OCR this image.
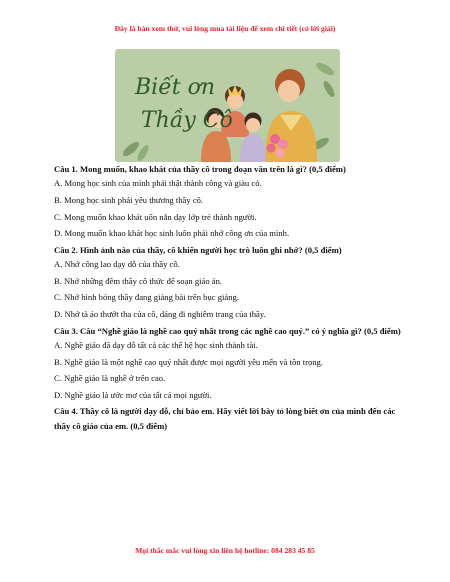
Đây là bản xem thử, vui lòng mua tài liệu để xem chi tiết (có lời giải)
Biết ơn
Thầy Cô

Câu 1. Mong muốn, khao khát của thầy cô trong đoạn văn trên là gì? (0,5 điểm)

A. Mong học sinh của mình phải thật thành công và giàu có.

B. Mong học sinh phải yêu thương thầy cô.

C. Mong muốn khao khát uốn nắn dạy lớp trẻ thành người.

D. Mong muốn khao khát học sinh luôn phải nhớ công ơn của mình.

Câu 2. Hình ảnh nào của thầy, cô khiến người học trò luôn ghi nhớ? (0,5 điểm)

A. Nhớ công lao dạy dỗ của thầy cô.

B. Nhớ những đêm thầy cô thức để soạn giáo án.

C. Nhớ hình bóng thầy đang giảng bài trên bục giảng.

D. Nhớ tà áo thướt tha của cô, dáng đi nghiêm trang của thầy.

Câu 3. Câu “Nghề giáo là nghề cao quý nhất trong các nghề cao quý.” có ý nghĩa gì? (0,5 điểm)

A. Nghề giáo đã dạy dỗ tất cả các thế hệ học sinh thành tài.

B. Nghề giáo là một nghề cao quý nhất được mọi người yêu mến và tôn trọng.

C. Nghề giáo là nghề ở trên cao.

D. Nghề giáo là ước mơ của tất cả mọi người.

Câu 4. Thầy cô là người dạy dỗ, chỉ bảo em. Hãy viết lời bày tỏ lòng biết ơn của mình đến các thầy cô giáo của em. (0,5 điểm)

Mọi thắc mắc vui lòng xin liên hệ hotline: 084 283 45 85
